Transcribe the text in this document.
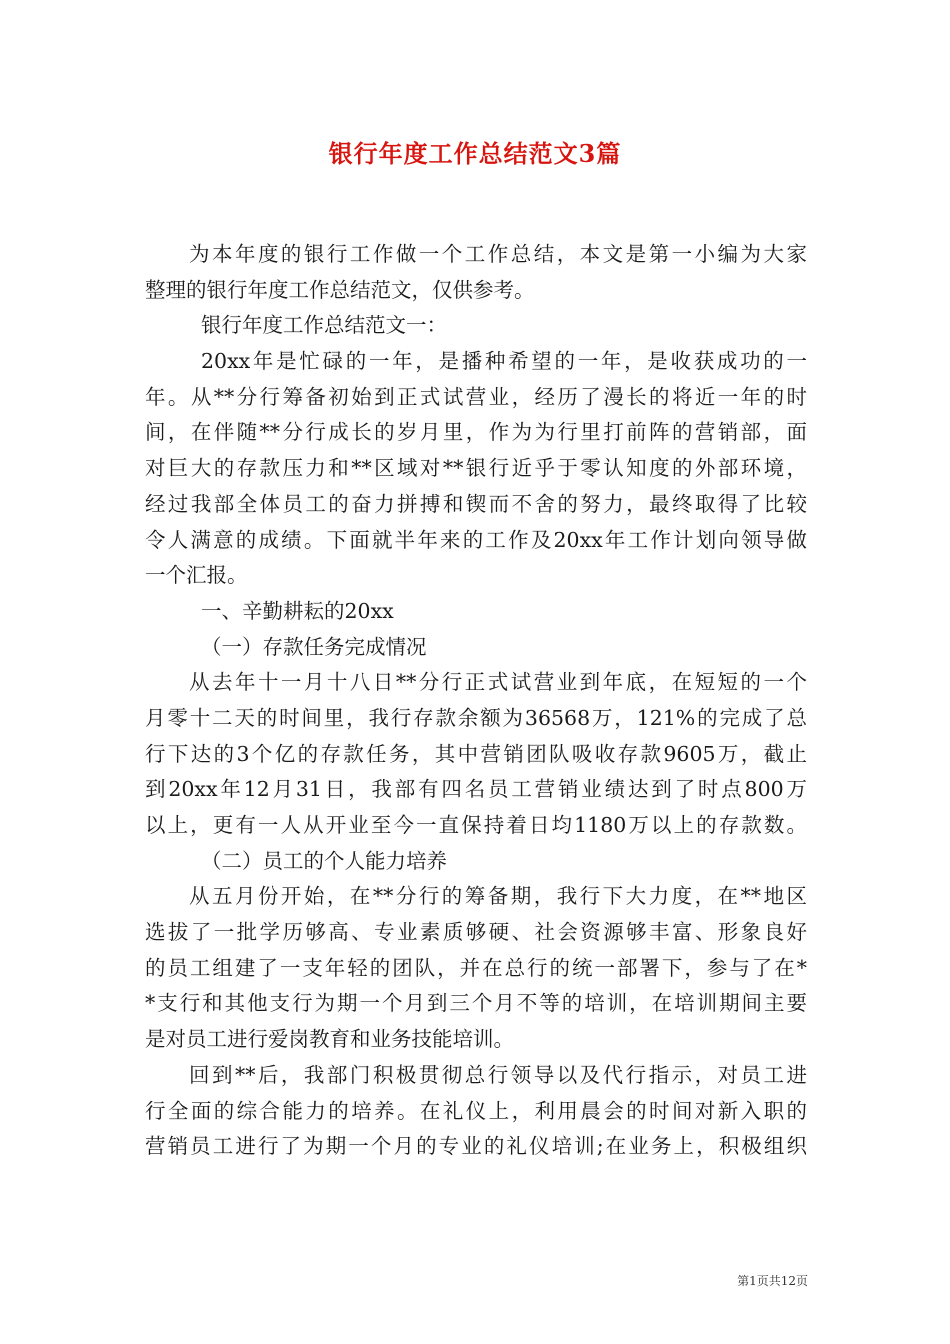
银行年度工作总结范文3篇
为本年度的银行工作做一个工作总结，本文是第一小编为大家
整理的银行年度工作总结范文，仅供参考。
银行年度工作总结范文一：
20xx年是忙碌的一年，是播种希望的一年，是收获成功的一
年。从**分行筹备初始到正式试营业，经历了漫长的将近一年的时
间，在伴随**分行成长的岁月里，作为为行里打前阵的营销部，面
对巨大的存款压力和**区域对**银行近乎于零认知度的外部环境，
经过我部全体员工的奋力拼搏和锲而不舍的努力，最终取得了比较
令人满意的成绩。下面就半年来的工作及20xx年工作计划向领导做
一个汇报。
一、辛勤耕耘的20xx
（一）存款任务完成情况
从去年十一月十八日**分行正式试营业到年底，在短短的一个
月零十二天的时间里，我行存款余额为36568万，121%的完成了总
行下达的3个亿的存款任务，其中营销团队吸收存款9605万，截止
到20xx年12月31日，我部有四名员工营销业绩达到了时点800万
以上，更有一人从开业至今一直保持着日均1180万以上的存款数。
（二）员工的个人能力培养
从五月份开始，在**分行的筹备期，我行下大力度，在**地区
选拔了一批学历够高、专业素质够硬、社会资源够丰富、形象良好
的员工组建了一支年轻的团队，并在总行的统一部署下，参与了在*
*支行和其他支行为期一个月到三个月不等的培训，在培训期间主要
是对员工进行爱岗教育和业务技能培训。
回到**后，我部门积极贯彻总行领导以及代行指示，对员工进
行全面的综合能力的培养。在礼仪上，利用晨会的时间对新入职的
营销员工进行了为期一个月的专业的礼仪培训;在业务上，积极组织
第1页共12页
